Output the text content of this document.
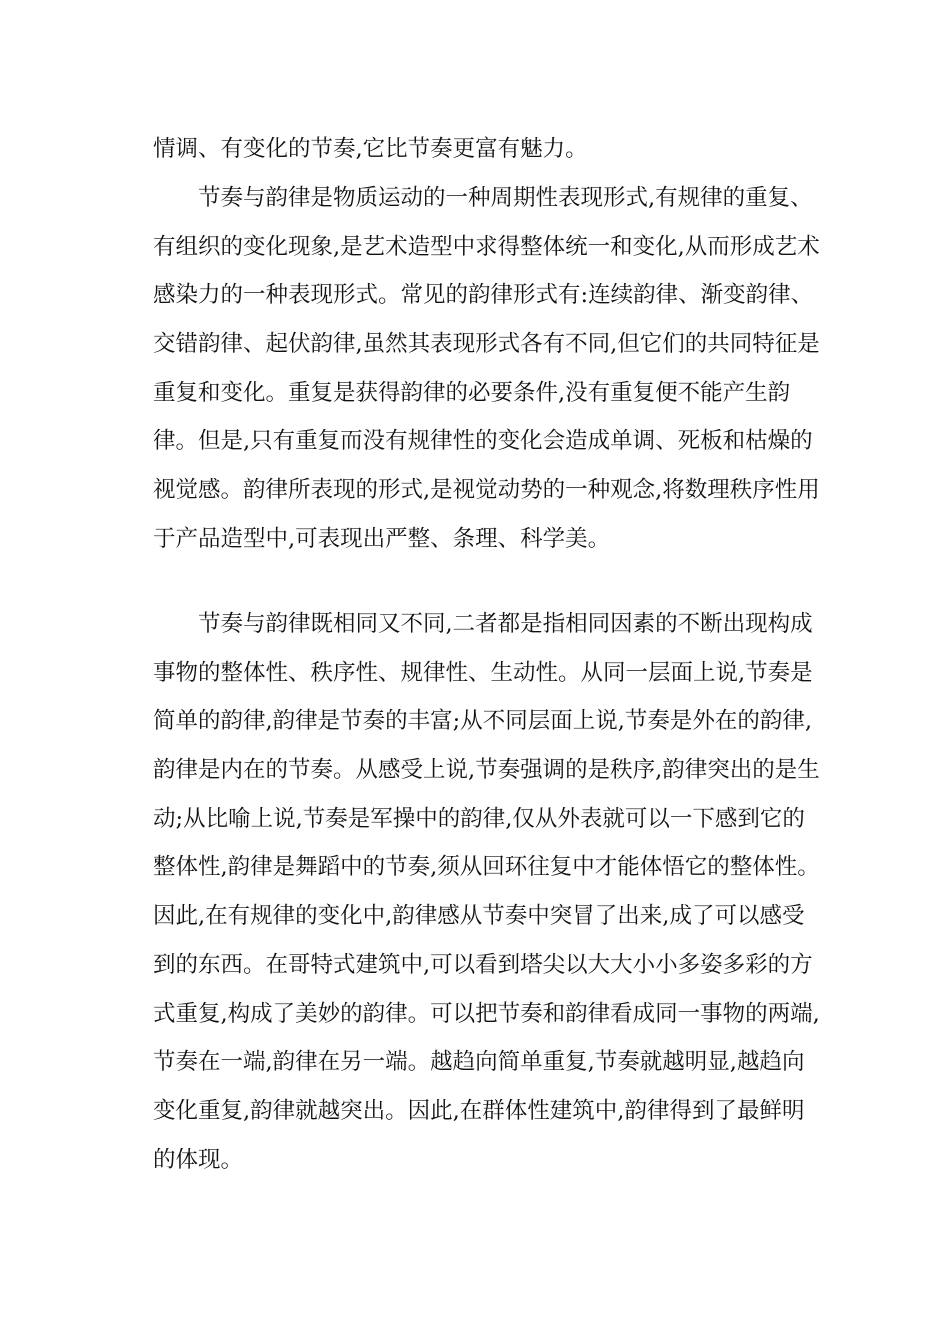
情调、有变化的节奏,它比节奏更富有魅力。
节奏与韵律是物质运动的一种周期性表现形式,有规律的重复、
有组织的变化现象,是艺术造型中求得整体统一和变化,从而形成艺术
感染力的一种表现形式。常见的韵律形式有:连续韵律、渐变韵律、
交错韵律、起伏韵律,虽然其表现形式各有不同,但它们的共同特征是
重复和变化。重复是获得韵律的必要条件,没有重复便不能产生韵
律。但是,只有重复而没有规律性的变化会造成单调、死板和枯燥的
视觉感。韵律所表现的形式,是视觉动势的一种观念,将数理秩序性用
于产品造型中,可表现出严整、条理、科学美。
节奏与韵律既相同又不同,二者都是指相同因素的不断出现构成
事物的整体性、秩序性、规律性、生动性。从同一层面上说,节奏是
简单的韵律,韵律是节奏的丰富;从不同层面上说,节奏是外在的韵律,
韵律是内在的节奏。从感受上说,节奏强调的是秩序,韵律突出的是生
动;从比喻上说,节奏是军操中的韵律,仅从外表就可以一下感到它的
整体性,韵律是舞蹈中的节奏,须从回环往复中才能体悟它的整体性。
因此,在有规律的变化中,韵律感从节奏中突冒了出来,成了可以感受
到的东西。在哥特式建筑中,可以看到塔尖以大大小小多姿多彩的方
式重复,构成了美妙的韵律。可以把节奏和韵律看成同一事物的两端,
节奏在一端,韵律在另一端。越趋向简单重复,节奏就越明显,越趋向
变化重复,韵律就越突出。因此,在群体性建筑中,韵律得到了最鲜明
的体现。
